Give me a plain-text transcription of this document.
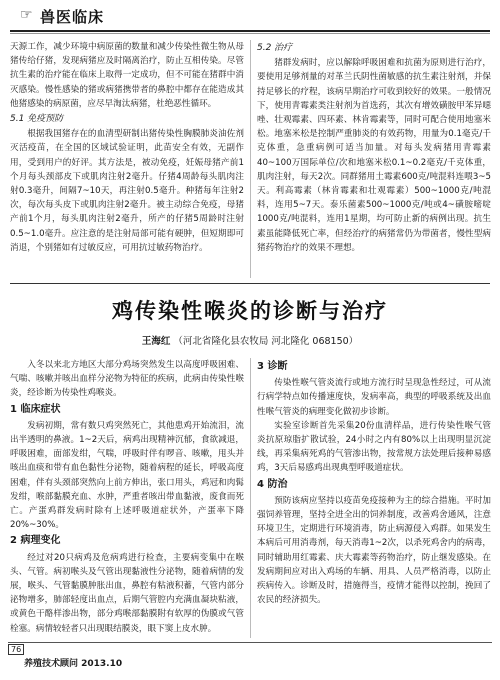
☞ 兽医临床

天源工作，减少环境中病原菌的数量和减少传染性微生物从母猪传给仔猪，发现病猪应及时隔离治疗，防止互相传染。尽管抗生素的治疗能在临床上取得一定成功，但不可能在猪群中消灭感染。慢性感染的猪或病猪携带者的鼻腔中都存在能造成其他猪感染的病原菌，应尽早淘汰病猪，杜绝恶性循环。

5.1 免疫预防

根据我国猪存在的血清型研制出猪传染性胸膜肺炎油佐剂灭活疫苗，在全国的区域试验证明，此苗安全有效，无副作用，受到用户的好评。其方法是，被动免疫，妊娠母猪产前1个月每头颈部皮下或肌肉注射2毫升。仔猪4周龄每头肌肉注射0.3毫升，间隔7~10天，再注射0.5毫升。种猪每年注射2次，每次每头皮下或肌肉注射2毫升。被主动综合免疫，母猪产前1个月，每头肌肉注射2毫升，所产的仔猪5周龄时注射0.5~1.0毫升。应注意的是注射局部可能有硬肿，但短期即可消退，个别猪如有过敏反应，可用抗过敏药物治疗。

5.2 治疗

猪群发病时，应以解除呼吸困难和抗菌为原则进行治疗，要使用足够剂量的对革兰氏阴性菌敏感的抗生素注射剂，并保持足够长的疗程，该病早期治疗可收到较好的效果。一般情况下，使用青霉素类注射剂为首选药，其次有增效磺胺甲苯异噁唑、壮观霉素、四环素、林肯霉素等，同时可配合使用地塞米松。地塞米松是控制严重肺炎的有效药物，用量为0.1毫克/千克体重，急重病例可适当加量。对每头发病猪用青霉素40~100万国际单位/次和地塞米松0.1~0.2毫克/千克体重，肌肉注射，每天2次。同群猪用土霉素600克/吨混料连喂3~5天。利高霉素（林肯霉素和壮观霉素）500~1000克/吨混料，连用5~7天。泰乐菌素500~1000克/吨或4~磺胺嘧啶1000克/吨混料，连用1星期，均可防止新的病例出现。抗生素虽能降低死亡率，但经治疗的病猪常仍为带菌者，慢性型病猪药物治疗的效果不理想。

鸡传染性喉炎的诊断与治疗
王海红 （河北省隆化县农牧局 河北隆化 068150）

入冬以来北方地区大部分鸡场突然发生以高度呼吸困难、气喘、咳嗽并咳出血样分泌物为特征的疾病，此病由传染性喉炎，经诊断为传染性鸡喉炎。

1 临床症状

发病初期，常有数只鸡突然死亡，其他患鸡开始流泪，流出半透明的鼻液。1~2天后，病鸡出现精神沉郁，食欲减退，呼吸困难，面部发绀，气喘，呼吸时伴有啰音、咳嗽，甩头并咳出血痰和带有血色黏性分泌物，随着病程的延长，呼吸高度困难，伴有头颈部突然向上前方伸出，张口用头，鸡冠和肉髯发绀，喉部黏膜充血、水肿，严重者咳出带血黏液，废食而死亡。产蛋鸡群发病时除有上述呼吸道症状外，产蛋率下降20%~30%。

2 病理变化

经过对20只病鸡及危病鸡进行检查，主要病变集中在喉头、气管。病初喉头及气管出现黏液性分泌物，随着病情的发展，喉头、气管黏膜肿胀出血，鼻腔有粘液积蓄，气管内部分泌物增多，肺部轻度出血点，后期气管腔内充满血凝块粘液，或黄色干酪样渗出物，部分鸡喉部黏膜附有软厚的伪膜或气管栓塞。病情较轻者只出现眼结膜炎，眼下窦上皮水肿。

3 诊断

传染性喉气管炎流行或地方流行时呈现急性经过，可从流行病学特点如传播速度快，发病率高，典型的呼吸系统及出血性喉气管炎的病理变化做初步诊断。

实验室诊断首先采集20份血清样品，进行传染性喉气管炎抗原琼脂扩散试验，24小时之内有80%以上出现明显沉淀线，再采集病死鸡的气管渗出物，按常规方法处理后接种易感鸡，3天后易感鸡出现典型呼吸道症状。

4 防治

预防该病应坚持以疫苗免疫接种为主的综合措施。平时加强饲养管理，坚持全进全出的饲养制度，改善鸡舍通风，注意环境卫生，定期进行环境消毒，防止病源侵入鸡群。如果发生本病后可用消毒剂，每天消毒1~2次，以杀死鸡舍内的病毒，同时辅助用红霉素、庆大霉素等药物治疗，防止继发感染。在发病期间应对出入鸡场的车辆、用具、人员严格消毒，以防止疾病传入。诊断及时，措施得当，疫情才能得以控制，挽回了农民的经济损失。

76
养殖技术顾问 2013.10
